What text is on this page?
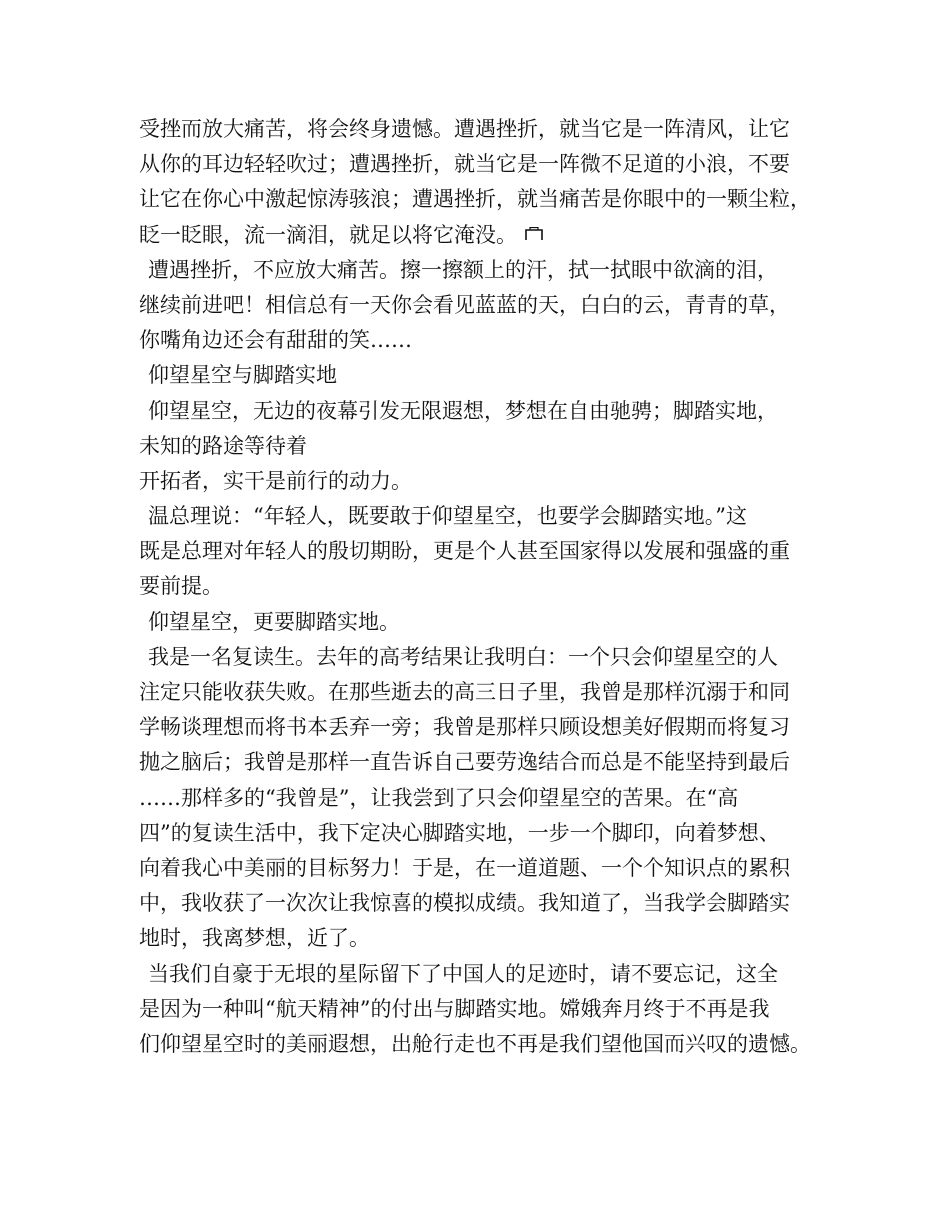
受挫而放大痛苦，将会终身遗憾。遭遇挫折，就当它是一阵清风，让它
从你的耳边轻轻吹过；遭遇挫折，就当它是一阵微不足道的小浪，不要
让它在你心中激起惊涛骇浪；遭遇挫折，就当痛苦是你眼中的一颗尘粒，
眨一眨眼，流一滴泪，就足以将它淹没。
遭遇挫折，不应放大痛苦。擦一擦额上的汗，拭一拭眼中欲滴的泪，
继续前进吧！相信总有一天你会看见蓝蓝的天，白白的云，青青的草，
你嘴角边还会有甜甜的笑……
仰望星空与脚踏实地
仰望星空，无边的夜幕引发无限遐想，梦想在自由驰骋；脚踏实地，
未知的路途等待着
开拓者，实干是前行的动力。
温总理说：“年轻人，既要敢于仰望星空，也要学会脚踏实地。”这
既是总理对年轻人的殷切期盼，更是个人甚至国家得以发展和强盛的重
要前提。
仰望星空，更要脚踏实地。
我是一名复读生。去年的高考结果让我明白：一个只会仰望星空的人
注定只能收获失败。在那些逝去的高三日子里，我曾是那样沉溺于和同
学畅谈理想而将书本丢弃一旁；我曾是那样只顾设想美好假期而将复习
抛之脑后；我曾是那样一直告诉自己要劳逸结合而总是不能坚持到最后
……那样多的“我曾是”，让我尝到了只会仰望星空的苦果。在“高
四”的复读生活中，我下定决心脚踏实地，一步一个脚印，向着梦想、
向着我心中美丽的目标努力！于是，在一道道题、一个个知识点的累积
中，我收获了一次次让我惊喜的模拟成绩。我知道了，当我学会脚踏实
地时，我离梦想，近了。
当我们自豪于无垠的星际留下了中国人的足迹时，请不要忘记，这全
是因为一种叫“航天精神”的付出与脚踏实地。嫦娥奔月终于不再是我
们仰望星空时的美丽遐想，出舱行走也不再是我们望他国而兴叹的遗憾。
